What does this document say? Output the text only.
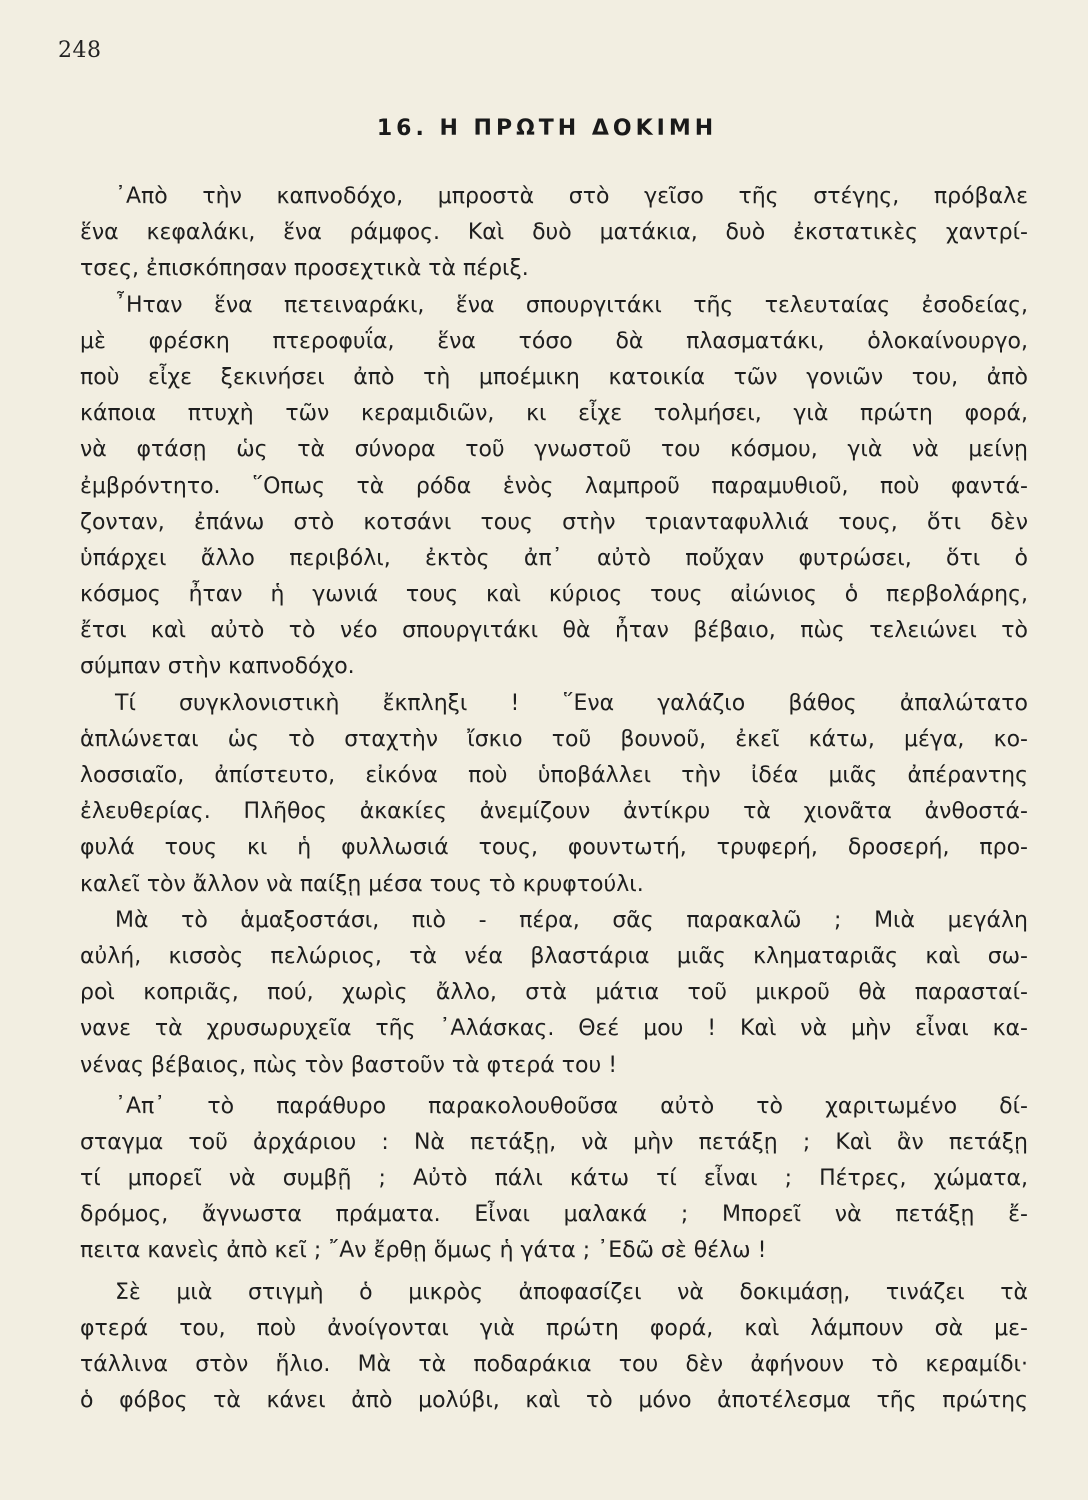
248
16. Η ΠΡΩΤΗ ΔΟΚΙΜΗ
᾿Απὸ τὴν καπνοδόχο, μπροστὰ στὸ γεῖσο τῆς στέγης, πρόβαλε
ἕνα κεφαλάκι, ἕνα ράμφος. Καὶ δυὸ ματάκια, δυὸ ἐκστατικὲς χαντρί-
τσες, ἐπισκόπησαν προσεχτικὰ τὰ πέριξ.
῏Ηταν ἕνα πετειναράκι, ἕνα σπουργιτάκι τῆς τελευταίας ἐσοδείας,
μὲ φρέσκη πτεροφυΐα, ἕνα τόσο δὰ πλασματάκι, ὁλοκαίνουργο,
ποὺ εἶχε ξεκινήσει ἀπὸ τὴ μποέμικη κατοικία τῶν γονιῶν του, ἀπὸ
κάποια πτυχὴ τῶν κεραμιδιῶν, κι εἶχε τολμήσει, γιὰ πρώτη φορά,
νὰ φτάσῃ ὡς τὰ σύνορα τοῦ γνωστοῦ του κόσμου, γιὰ νὰ μείνῃ
ἐμβρόντητο. ῞Οπως τὰ ρόδα ἑνὸς λαμπροῦ παραμυθιοῦ, ποὺ φαντά-
ζονταν, ἐπάνω στὸ κοτσάνι τους στὴν τριανταφυλλιά τους, ὅτι δὲν
ὑπάρχει ἄλλο περιβόλι, ἐκτὸς ἀπ᾿ αὐτὸ ποὔχαν φυτρώσει, ὅτι ὁ
κόσμος ἦταν ἡ γωνιά τους καὶ κύριος τους αἰώνιος ὁ περβολάρης,
ἔτσι καὶ αὐτὸ τὸ νέο σπουργιτάκι θὰ ἦταν βέβαιο, πὼς τελειώνει τὸ
σύμπαν στὴν καπνοδόχο.
Τί συγκλονιστικὴ ἔκπληξι ! ῞Ενα γαλάζιο βάθος ἀπαλώτατο
ἁπλώνεται ὡς τὸ σταχτὴν ἴσκιο τοῦ βουνοῦ, ἐκεῖ κάτω, μέγα, κο-
λοσσιαῖο, ἀπίστευτο, εἰκόνα ποὺ ὑποβάλλει τὴν ἰδέα μιᾶς ἀπέραντης
ἐλευθερίας. Πλῆθος ἀκακίες ἀνεμίζουν ἀντίκρυ τὰ χιονᾶτα ἀνθοστά-
φυλά τους κι ἡ φυλλωσιά τους, φουντωτή, τρυφερή, δροσερή, προ-
καλεῖ τὸν ἄλλον νὰ παίξῃ μέσα τους τὸ κρυφτούλι.
Μὰ τὸ ἁμαξοστάσι, πιὸ - πέρα, σᾶς παρακαλῶ ; Μιὰ μεγάλη
αὐλή, κισσὸς πελώριος, τὰ νέα βλαστάρια μιᾶς κληματαριᾶς καὶ σω-
ροὶ κοπριᾶς, πού, χωρὶς ἄλλο, στὰ μάτια τοῦ μικροῦ θὰ παρασταί-
νανε τὰ χρυσωρυχεῖα τῆς ᾿Αλάσκας. Θεέ μου ! Καὶ νὰ μὴν εἶναι κα-
νένας βέβαιος, πὼς τὸν βαστοῦν τὰ φτερά του !
᾿Απ᾿ τὸ παράθυρο παρακολουθοῦσα αὐτὸ τὸ χαριτωμένο δί-
σταγμα τοῦ ἀρχάριου : Νὰ πετάξῃ, νὰ μὴν πετάξῃ ; Καὶ ἂν πετάξῃ
τί μπορεῖ νὰ συμβῇ ; Αὐτὸ πάλι κάτω τί εἶναι ; Πέτρες, χώματα,
δρόμος, ἄγνωστα πράματα. Εἶναι μαλακά ; Μπορεῖ νὰ πετάξῃ ἔ-
πειτα κανεὶς ἀπὸ κεῖ ; ῎Αν ἔρθῃ ὅμως ἡ γάτα ; ᾿Εδῶ σὲ θέλω !
Σὲ μιὰ στιγμὴ ὁ μικρὸς ἀποφασίζει νὰ δοκιμάσῃ, τινάζει τὰ
φτερά του, ποὺ ἀνοίγονται γιὰ πρώτη φορά, καὶ λάμπουν σὰ με-
τάλλινα στὸν ἥλιο. Μὰ τὰ ποδαράκια του δὲν ἀφήνουν τὸ κεραμίδι·
ὁ φόβος τὰ κάνει ἀπὸ μολύβι, καὶ τὸ μόνο ἀποτέλεσμα τῆς πρώτης
